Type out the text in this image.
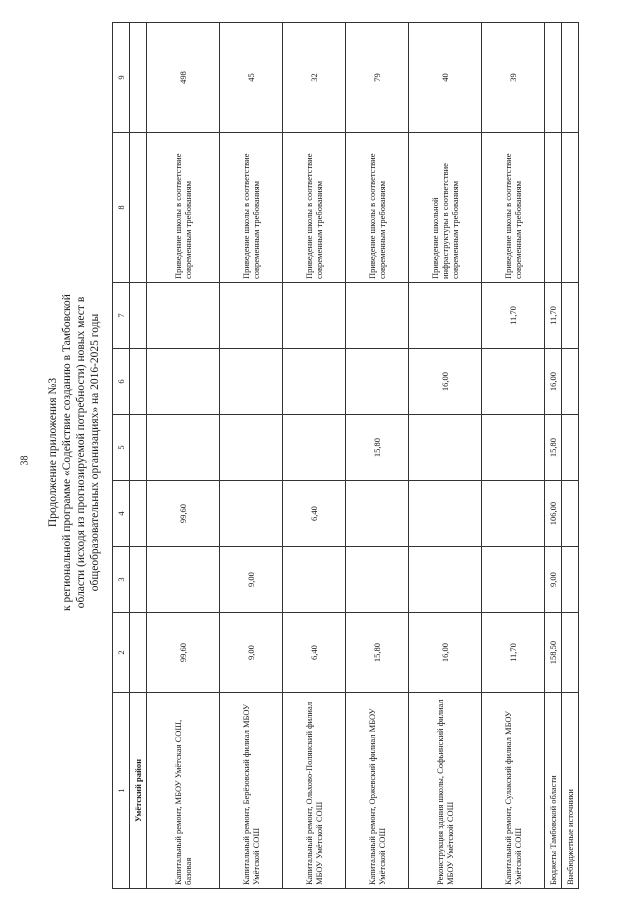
38 Продолжение приложения №3 к региональной программе «Содействие созданию в Тамбовской области (исходя из прогнозируемой потребности) новых мест в общеобразовательных организациях» на 2016-2025 годы
1	2	3	4	5	6	7	8	9
Умётский район								
Капитальный ремонт, МБОУ Умётская СОШ, базовая	99,60		99,60				Приведение школы в соответствие современным требованиям	498
Капитальный ремонт, Берёзовский филиал МБОУ Умётской СОШ	9,00	9,00					Приведение школы в соответствие современным требованиям	45
Капитальный ремонт, Ольхово-Полянский филиал МБОУ Умётской СОШ	6,40		6,40				Приведение школы в соответствие современным требованиям	32
Капитальный ремонт, Оржевский филиал МБОУ Умётской СОШ	15,80			15,80			Приведение школы в соответствие современным требованиям	79
Реконструкция здания школы, Софьинский филиал МБОУ Умётской СОШ	16,00				16,00		Приведение школьной инфраструктуры в соответствие современным требованиям	40
Капитальный ремонт, Сулакский филиал МБОУ Умётской СОШ	11,70					11,70	Приведение школы в соответствие современным требованиям	39
Бюджеты Тамбовской области	158,50	9,00	106,00	15,80	16,00	11,70		
Внебюджетные источники								
